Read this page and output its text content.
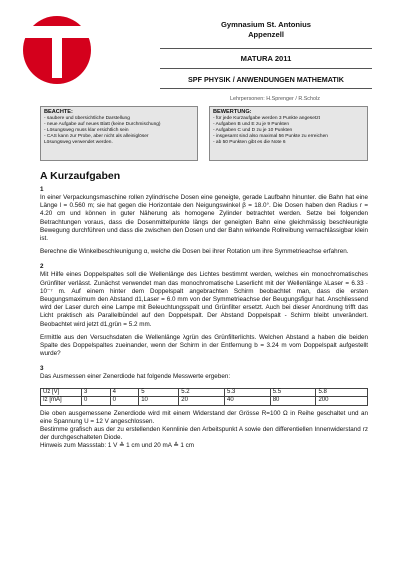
Gymnasium St. Antonius
Appenzell
MATURA 2011
SPF PHYSIK / ANWENDUNGEN MATHEMATIK
Lehrpersonen: H.Sprenger / R.Scholz
BEACHTE:
- saubere und übersichtliche Darstellung
- neue Aufgabe auf neues Blatt (keine Durchmischung)
- Lösungsweg muss klar ersichtlich sein
- CAS kann zur Probe, aber nicht als alleiniglöser
Lösungsweg verwendet werden.
BEWERTUNG:
- für jede Kurzaufgabe werden 3 Punkte angesetzt
- Aufgaben B und E zu je 9 Punkten
- Aufgaben C und D zu je 10 Punkten
- insgesamt sind also maximal 56 Punkte zu erreichen
- ab 50 Punkten gibt es die Note 6
A Kurzaufgaben

1

In einer Verpackungsmaschine rollen zylindrische Dosen eine geneigte, gerade Laufbahn hinunter. die Bahn hat eine Länge l = 0.560 m; sie hat gegen die Horizontale den Neigungswinkel β = 18.0°. Die Dosen haben den Radius r = 4.20 cm und können in guter Näherung als homogene Zylinder betrachtet werden. Setze bei folgenden Betrachtungen voraus, dass die Dosenmittelpunkte längs der geneigten Bahn eine gleichmässig beschleunigte Bewegung durchführen und dass die zwischen den Dosen und der Bahn wirkende Rollreibung vernachlässigbar klein ist.

Berechne die Winkelbeschleunigung α, welche die Dosen bei ihrer Rotation um ihre Symmetrieachse erfahren.

2

Mit Hilfe eines Doppelspaltes soll die Wellenlänge des Lichtes bestimmt werden, welches ein monochromatisches Grünfilter verlässt. Zunächst verwendet man das monochromatische Laserlicht mit der Wellenlänge λLaser = 6.33 · 10⁻⁷ m. Auf einem hinter dem Doppelspalt angebrachten Schirm beobachtet man, dass die ersten Beugungsmaximum den Abstand d1,Laser = 6.0 mm von der Symmetrieachse der Beugungsfigur hat. Anschliessend wird der Laser durch eine Lampe mit Beleuchtungsspalt und Grünfilter ersetzt. Auch bei dieser Anordnung trifft das Licht praktisch als Parallelbündel auf den Doppelspalt. Der Abstand Doppelspalt - Schirm bleibt unverändert. Beobachtet wird jetzt d1,grün = 5.2 mm.

Ermittle aus den Versuchsdaten die Wellenlänge λgrün des Grünfilterlichts. Welchen Abstand a haben die beiden Spalte des Doppelspaltes zueinander, wenn der Schirm in der Entfernung b = 3.24 m vom Doppelspalt aufgestellt wurde?

3

Das Ausmessen einer Zenerdiode hat folgende Messwerte ergeben:

Uz [V]	3	4	5	5.2	5.3	5.5	5.8
Iz [mA]	0	0	10	20	40	80	200

Die oben ausgemessene Zenerdiode wird mit einem Widerstand der Grösse R=100 Ω in Reihe geschaltet und an eine Spannung U = 12 V angeschlossen.

Bestimme grafisch aus der zu erstellenden Kennlinie den Arbeitspunkt A sowie den differentiellen Innenwiderstand rz der durchgeschalteten Diode.

Hinweis zum Massstab: 1 V ≙ 1 cm und 20 mA ≙ 1 cm
